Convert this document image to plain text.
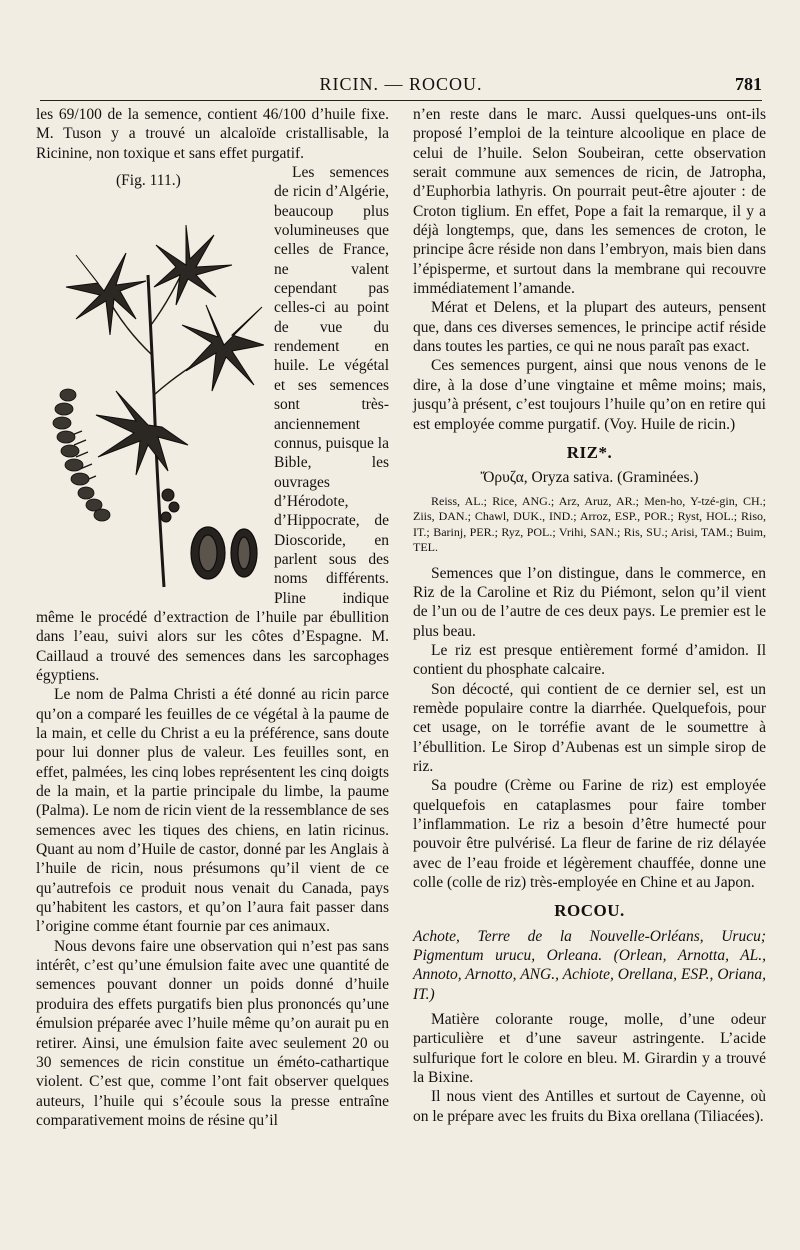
RICIN. — ROCOU.	781

les 69/100 de la semence, contient 46/100 d’huile fixe. M. Tuson y a trouvé un alcaloïde cristallisable, la Ricinine, non toxique et sans effet purgatif.

(Fig. 111.)	Les semences de ricin d’Algérie, beaucoup plus volumineuses que celles de France, ne valent cependant pas celles-ci au point de vue du rendement en huile. Le végétal et ses semences sont très-anciennement connus, puisque la Bible, les ouvrages d’Hérodote, d’Hippocrate, de Dioscoride, en parlent sous des noms différents. Pline indique même le procédé d’extraction de l’huile par ébullition dans l’eau, suivi alors sur les côtes d’Espagne. M. Caillaud a trouvé des semences dans les sarcophages égyptiens.

Le nom de Palma Christi a été donné au ricin parce qu’on a comparé les feuilles de ce végétal à la paume de la main, et celle du Christ a eu la préférence, sans doute pour lui donner plus de valeur. Les feuilles sont, en effet, palmées, les cinq lobes représentent les cinq doigts de la main, et la partie principale du limbe, la paume (Palma). Le nom de ricin vient de la ressemblance de ses semences avec les tiques des chiens, en latin ricinus. Quant au nom d’Huile de castor, donné par les Anglais à l’huile de ricin, nous présumons qu’il vient de ce qu’autrefois ce produit nous venait du Canada, pays qu’habitent les castors, et qu’on l’aura fait passer dans l’origine comme étant fournie par ces animaux.

Nous devons faire une observation qui n’est pas sans intérêt, c’est qu’une émulsion faite avec une quantité de semences pouvant donner un poids donné d’huile produira des effets purgatifs bien plus prononcés qu’une émulsion préparée avec l’huile même qu’on aurait pu en retirer. Ainsi, une émulsion faite avec seulement 20 ou 30 semences de ricin constitue un éméto-cathartique violent. C’est que, comme l’ont fait observer quelques auteurs, l’huile qui s’écoule sous la presse entraîne comparativement moins de résine qu’il

n’en reste dans le marc. Aussi quelques-uns ont-ils proposé l’emploi de la teinture alcoolique en place de celui de l’huile. Selon Soubeiran, cette observation serait commune aux semences de ricin, de Jatropha, d’Euphorbia lathyris. On pourrait peut-être ajouter : de Croton tiglium. En effet, Pope a fait la remarque, il y a déjà longtemps, que, dans les semences de croton, le principe âcre réside non dans l’embryon, mais bien dans l’épisperme, et surtout dans la membrane qui recouvre immédiatement l’amande.

Mérat et Delens, et la plupart des auteurs, pensent que, dans ces diverses semences, le principe actif réside dans toutes les parties, ce qui ne nous paraît pas exact.

Ces semences purgent, ainsi que nous venons de le dire, à la dose d’une vingtaine et même moins; mais, jusqu’à présent, c’est toujours l’huile qu’on en retire qui est employée comme purgatif. (Voy. Huile de ricin.)

RIZ*.

Ὄρυζα, Oryza sativa. (Graminées.)

Reiss, AL.; Rice, ANG.; Arz, Aruz, AR.; Men-ho, Y-tzé-gin, CH.; Ziis, DAN.; Chawl, DUK., IND.; Arroz, ESP., POR.; Ryst, HOL.; Riso, IT.; Barinj, PER.; Ryz, POL.; Vrihi, SAN.; Ris, SU.; Arisi, TAM.; Buim, TEL.

Semences que l’on distingue, dans le commerce, en Riz de la Caroline et Riz du Piémont, selon qu’il vient de l’un ou de l’autre de ces deux pays. Le premier est le plus beau.

Le riz est presque entièrement formé d’amidon. Il contient du phosphate calcaire.

Son décocté, qui contient de ce dernier sel, est un remède populaire contre la diarrhée. Quelquefois, pour cet usage, on le torréfie avant de le soumettre à l’ébullition. Le Sirop d’Aubenas est un simple sirop de riz.

Sa poudre (Crème ou Farine de riz) est employée quelquefois en cataplasmes pour faire tomber l’inflammation. Le riz a besoin d’être humecté pour pouvoir être pulvérisé. La fleur de farine de riz délayée avec de l’eau froide et légèrement chauffée, donne une colle (colle de riz) très-employée en Chine et au Japon.

ROCOU.

Achote, Terre de la Nouvelle-Orléans, Urucu; Pigmentum urucu, Orleana. (Orlean, Arnotta, AL., Annoto, Arnotto, ANG., Achiote, Orellana, ESP., Oriana, IT.)

Matière colorante rouge, molle, d’une odeur particulière et d’une saveur astringente. L’acide sulfurique fort le colore en bleu. M. Girardin y a trouvé la Bixine.

Il nous vient des Antilles et surtout de Cayenne, où on le prépare avec les fruits du Bixa orellana (Tiliacées).
